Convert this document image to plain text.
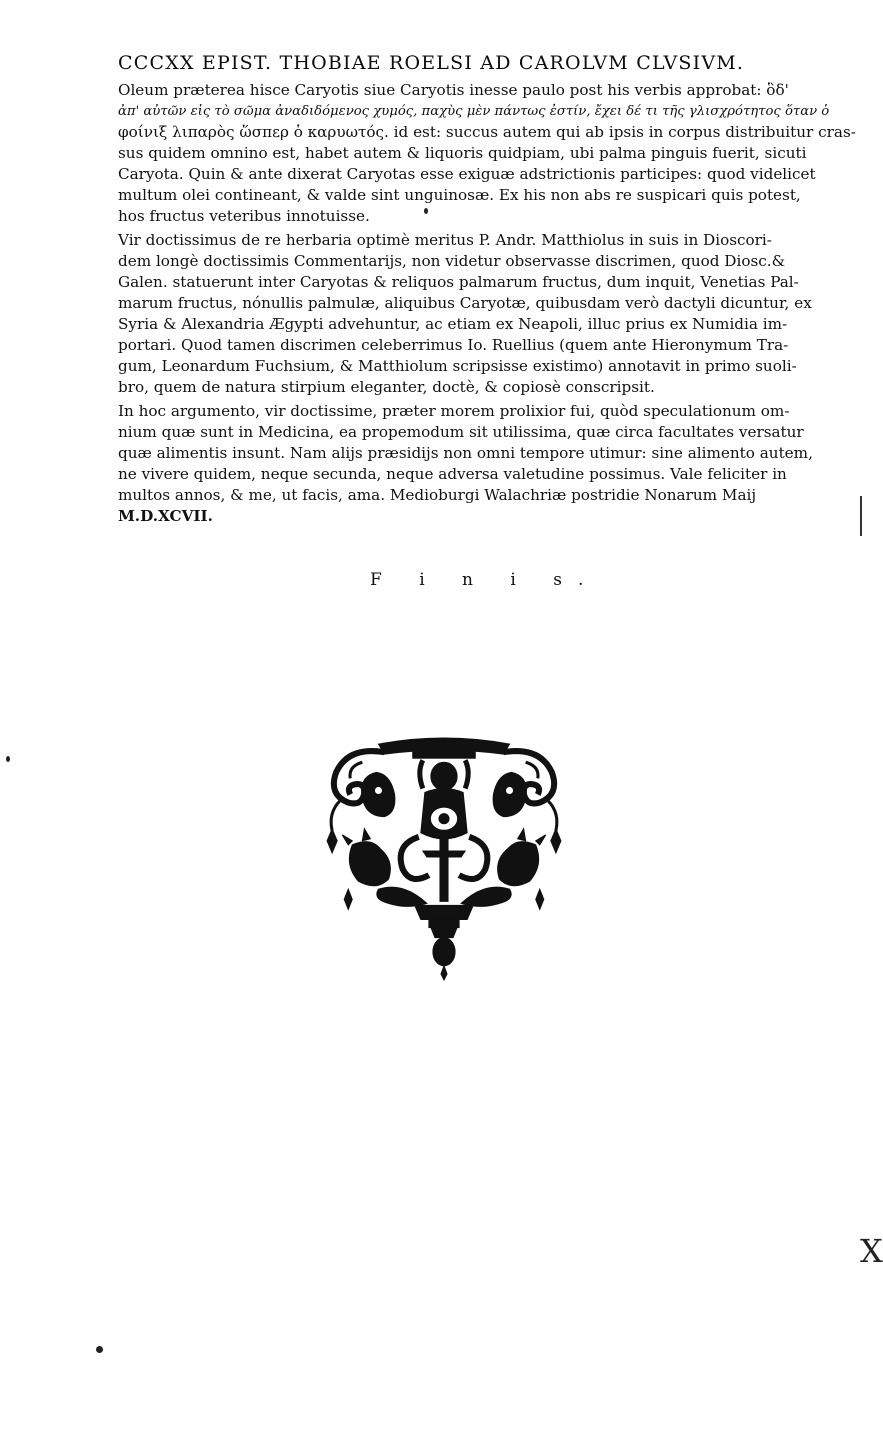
CCCXX EPIST. THOBIAE ROELSI AD CAROLVM CLVSIVM.

Oleum præterea hisce Caryotis siue Caryotis inesse paulo post his verbis approbat: ὃδ'
ἀπ' αὐτῶν εἰς τὸ σῶμα ἀναδιδόμενος χυμός, παχὺς μὲν πάντως ἐστίν, ἔχει δέ τι τῆς γλισχρότητος ὅταν ὁ
φοίνιξ λιπαρὸς ὥσπερ ὁ καρυωτός. id est: succus autem qui ab ipsis in corpus distribuitur cras-
sus quidem omnino est, habet autem & liquoris quidpiam, ubi palma pinguis fuerit, sicuti
Caryota. Quin & ante dixerat Caryotas esse exiguæ adstrictionis participes: quod videlicet
multum olei contineant, & valde sint unguinosæ. Ex his non abs re suspicari quis potest,
hos fructus veteribus innotuisse.

Vir doctissimus de re herbaria optimè meritus P. Andr. Matthiolus in suis in Dioscori-
dem longè doctissimis Commentarijs, non videtur observasse discrimen, quod Diosc.&
Galen. statuerunt inter Caryotas & reliquos palmarum fructus, dum inquit, Venetias Pal-
marum fructus, nónullis palmulæ, aliquibus Caryotæ, quibusdam verò dactyli dicuntur, ex
Syria & Alexandria Ægypti advehuntur, ac etiam ex Neapoli, illuc prius ex Numidia im-
portari. Quod tamen discrimen celeberrimus Io. Ruellius (quem ante Hieronymum Tra-
gum, Leonardum Fuchsium, & Matthiolum scripsisse existimo) annotavit in primo suoli-
bro, quem de natura stirpium eleganter, doctè, & copiosè conscripsit.

In hoc argumento, vir doctissime, præter morem prolixior fui, quòd speculationum om-
nium quæ sunt in Medicina, ea propemodum sit utilissima, quæ circa facultates versatur
quæ alimentis insunt. Nam alijs præsidijs non omni tempore utimur: sine alimento autem,
ne vivere quidem, neque secunda, neque adversa valetudine possimus. Vale feliciter in
multos annos, & me, ut facis, ama. Medioburgi Walachriæ postridie Nonarum Maij
M.D.XCVII.

F i n i s.
X
